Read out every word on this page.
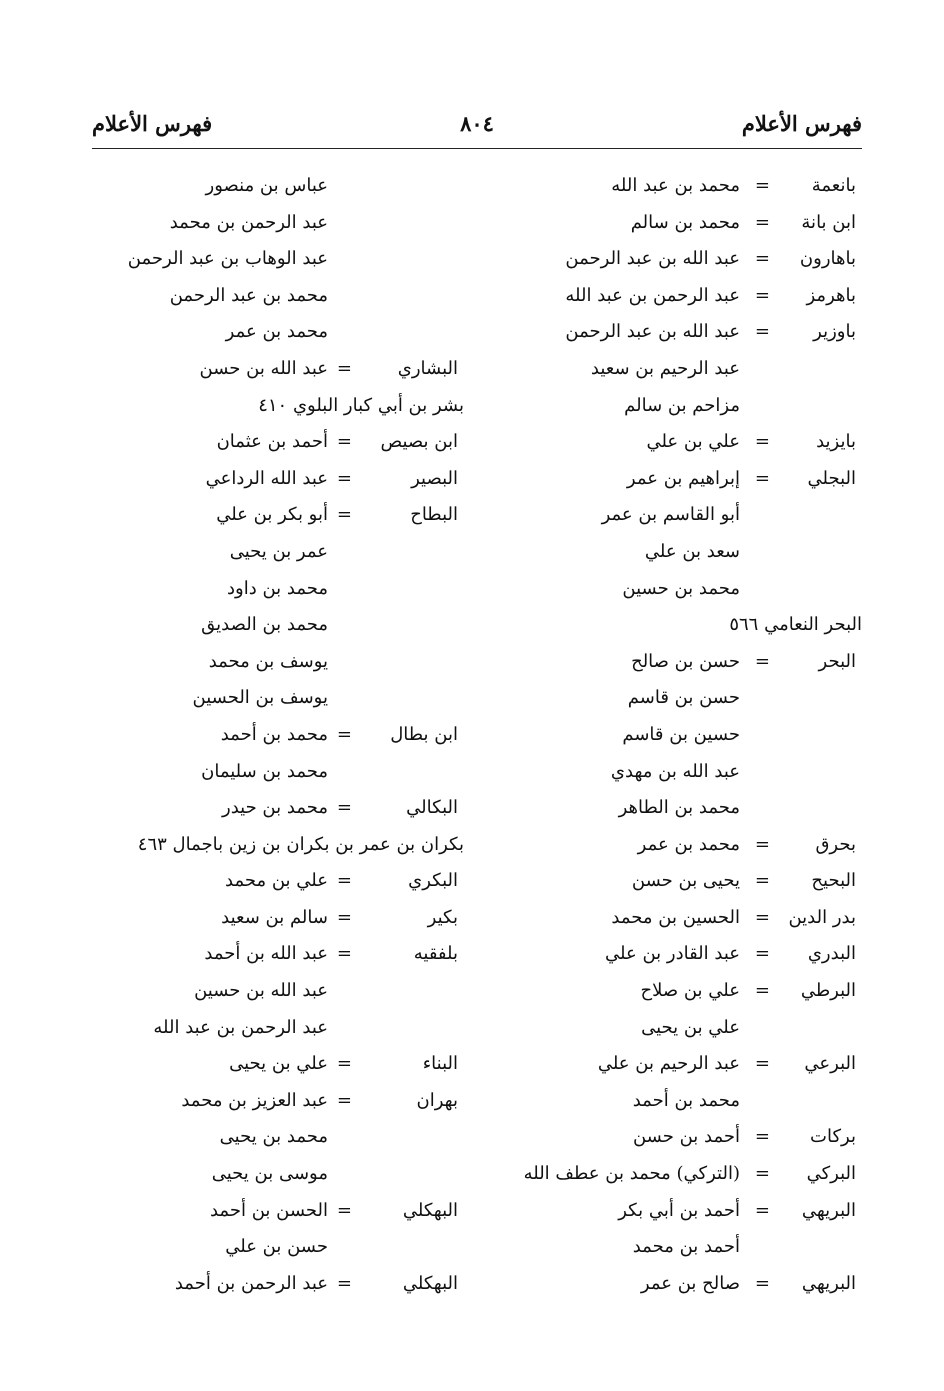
فهرس الأعلام
٨٠٤
فهرس الأعلام
بانعمة
=
محمد بن عبد الله
ابن بانة
=
محمد بن سالم
باهارون
=
عبد الله بن عبد الرحمن
باهرمز
=
عبد الرحمن بن عبد الله
باوزير
=
عبد الله بن عبد الرحمن
عبد الرحيم بن سعيد
مزاحم بن سالم
بايزيد
=
علي بن علي
البجلي
=
إبراهيم بن عمر
أبو القاسم بن عمر
سعد بن علي
محمد بن حسين
البحر النعامي ٥٦٦
البحر
=
حسن بن صالح
حسن بن قاسم
حسين بن قاسم
عبد الله بن مهدي
محمد بن الطاهر
بحرق
=
محمد بن عمر
البحيح
=
يحيى بن حسن
بدر الدين
=
الحسين بن محمد
البدري
=
عبد القادر بن علي
البرطي
=
علي بن صلاح
علي بن يحيى
البرعي
=
عبد الرحيم بن علي
محمد بن أحمد
بركات
=
أحمد بن حسن
البركي
=
(التركي) محمد بن عطف الله
البريهي
=
أحمد بن أبي بكر
أحمد بن محمد
البريهي
=
صالح بن عمر
عباس بن منصور
عبد الرحمن بن محمد
عبد الوهاب بن عبد الرحمن
محمد بن عبد الرحمن
محمد بن عمر
البشاري
=
عبد الله بن حسن
بشر بن أبي كبار البلوي ٤١٠
ابن بصيص
=
أحمد بن عثمان
البصير
=
عبد الله الرداعي
البطاح
=
أبو بكر بن علي
عمر بن يحيى
محمد بن داود
محمد بن الصديق
يوسف بن محمد
يوسف بن الحسين
ابن بطال
=
محمد بن أحمد
محمد بن سليمان
البكالي
=
محمد بن حيدر
بكران بن عمر بن بكران بن زين باجمال ٤٦٣
البكري
=
علي بن محمد
بكير
=
سالم بن سعيد
بلفقيه
=
عبد الله بن أحمد
عبد الله بن حسين
عبد الرحمن بن عبد الله
البناء
=
علي بن يحيى
بهران
=
عبد العزيز بن محمد
محمد بن يحيى
موسى بن يحيى
البهكلي
=
الحسن بن أحمد
حسن بن علي
البهكلي
=
عبد الرحمن بن أحمد
